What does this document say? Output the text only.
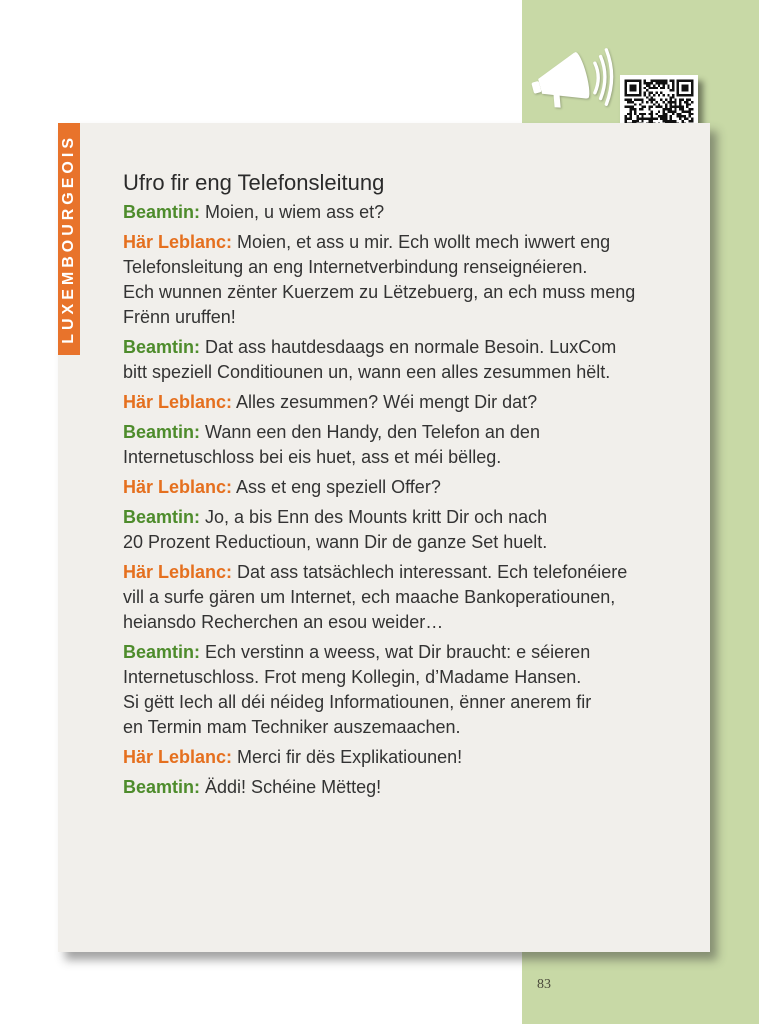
LUXEMBOURGEOIS Ufro fir eng Telefonsleitung
Beamtin: Moien, u wiem ass et?
Här Leblanc: Moien, et ass u mir. Ech wollt mech iwwert eng
Telefonsleitung an eng Internetverbindung renseignéieren.
Ech wunnen zënter Kuerzem zu Lëtzebuerg, an ech muss meng
Frënn uruffen!
Beamtin: Dat ass hautdesdaags en normale Besoin. LuxCom
bitt speziell Conditiounen un, wann een alles zesummen hëlt.
Här Leblanc: Alles zesummen? Wéi mengt Dir dat?
Beamtin: Wann een den Handy, den Telefon an den
Internetuschloss bei eis huet, ass et méi bëlleg.
Här Leblanc: Ass et eng speziell Offer?
Beamtin: Jo, a bis Enn des Mounts kritt Dir och nach
20 Prozent Reductioun, wann Dir de ganze Set huelt.
Här Leblanc: Dat ass tatsächlech interessant. Ech telefonéiere
vill a surfe gären um Internet, ech maache Bankoperatiounen,
heiansdo Recherchen an esou weider…
Beamtin: Ech verstinn a weess, wat Dir braucht: e séieren
Internetuschloss. Frot meng Kollegin, d’Madame Hansen.
Si gëtt Iech all déi néideg Informatiounen, ënner anerem fir
en Termin mam Techniker auszemaachen.
Här Leblanc: Merci fir dës Explikatiounen!
Beamtin: Äddi! Schéine Mëtteg!
83
